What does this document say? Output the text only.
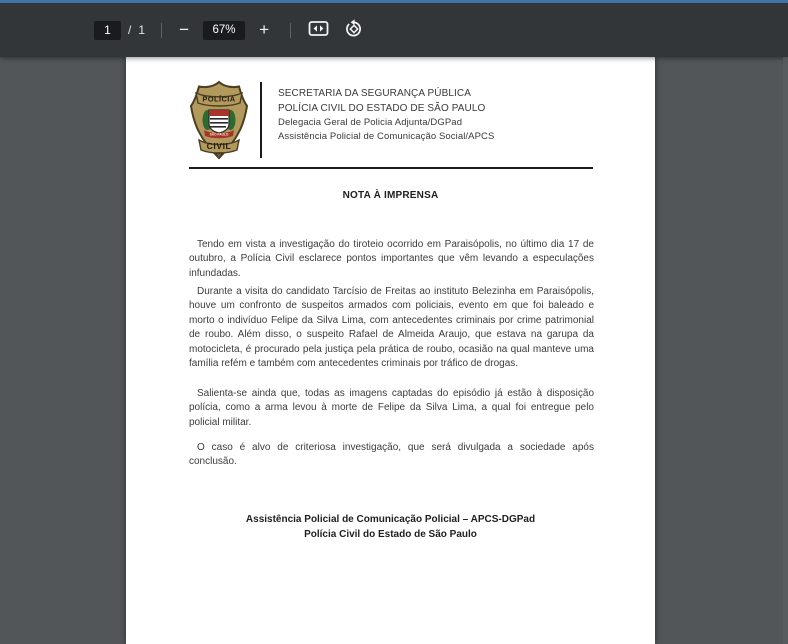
1
/ 1 −	67%	+
POLÍCIA
SÃO PAULO
CIVIL
SP
SECRETARIA DA SEGURANÇA PÚBLICA
POLÍCIA CIVIL DO ESTADO DE SÃO PAULO
Delegacia Geral de Policia Adjunta/DGPad
Assistência Policial de Comunicação Social/APCS
NOTA À IMPRENSA
Tendo em vista a investigação do tiroteio ocorrido em Paraisópolis, no último dia 17 de outubro, a Polícia Civil esclarece pontos importantes que vêm levando a especulações infundadas.
Durante a visita do candidato Tarcísio de Freitas ao instituto Belezinha em Paraisópolis, houve um confronto de suspeitos armados com policiais, evento em que foi baleado e morto o indivíduo Felipe da Silva Lima, com antecedentes criminais por crime patrimonial de roubo. Além disso, o suspeito Rafael de Almeida Araujo, que estava na garupa da motocicleta, é procurado pela justiça pela prática de roubo, ocasião na qual manteve uma família refém e também com antecedentes criminais por tráfico de drogas.
Salienta-se ainda que, todas as imagens captadas do episódio já estão à disposição polícia, como a arma levou à morte de Felipe da Silva Lima, a qual foi entregue pelo policial militar.
O caso é alvo de criteriosa investigação, que será divulgada a sociedade após conclusão.
Assistência Policial de Comunicação Policial – APCS-DGPad
Polícia Civil do Estado de São Paulo
